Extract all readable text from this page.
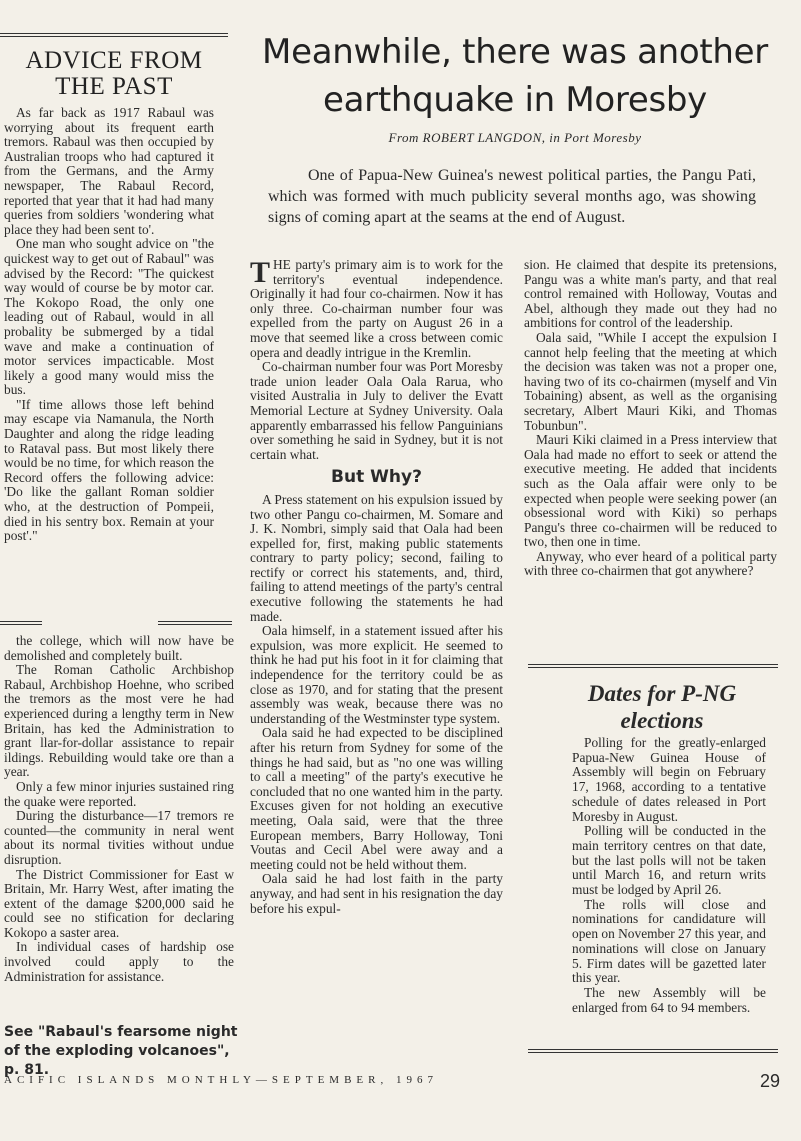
ADVICE FROM THE PAST

As far back as 1917 Rabaul was worrying about its frequent earth tremors. Rabaul was then occupied by Australian troops who had captured it from the Germans, and the Army newspaper, The Rabaul Record, reported that year that it had had many queries from soldiers 'wondering what place they had been sent to'.

One man who sought advice on "the quickest way to get out of Rabaul" was advised by the Record: "The quickest way would of course be by motor car. The Kokopo Road, the only one leading out of Rabaul, would in all probality be submerged by a tidal wave and make a continuation of motor services impacticable. Most likely a good many would miss the bus.

"If time allows those left behind may escape via Namanula, the North Daughter and along the ridge leading to Rataval pass. But most likely there would be no time, for which reason the Record offers the following advice: 'Do like the gallant Roman soldier who, at the destruction of Pompeii, died in his sentry box. Remain at your post'."

the college, which will now have be demolished and completely built.

The Roman Catholic Archbishop Rabaul, Archbishop Hoehne, who scribed the tremors as the most vere he had experienced during a lengthy term in New Britain, has ked the Administration to grant llar-for-dollar assistance to repair ildings. Rebuilding would take ore than a year.

Only a few minor injuries sustained ring the quake were reported.

During the disturbance—17 tremors re counted—the community in neral went about its normal tivities without undue disruption.

The District Commissioner for East w Britain, Mr. Harry West, after imating the extent of the damage $200,000 said he could see no stification for declaring Kokopo a saster area.

In individual cases of hardship ose involved could apply to the Administration for assistance.

See "Rabaul's fearsome night of the exploding volcanoes", p. 81.
Meanwhile, there was another earthquake in Moresby
From ROBERT LANGDON, in Port Moresby
One of Papua-New Guinea's newest political parties, the Pangu Pati, which was formed with much publicity several months ago, was showing signs of coming apart at the seams at the end of August.

THE party's primary aim is to work for the territory's eventual independence. Originally it had four co-chairmen. Now it has only three. Co-chairman number four was expelled from the party on August 26 in a move that seemed like a cross between comic opera and deadly intrigue in the Kremlin.

Co-chairman number four was Port Moresby trade union leader Oala Oala Rarua, who visited Australia in July to deliver the Evatt Memorial Lecture at Sydney University. Oala apparently embarrassed his fellow Panguinians over something he said in Sydney, but it is not certain what.

But Why?

A Press statement on his expulsion issued by two other Pangu co-chairmen, M. Somare and J. K. Nombri, simply said that Oala had been expelled for, first, making public statements contrary to party policy; second, failing to rectify or correct his statements, and, third, failing to attend meetings of the party's central executive following the statements he had made.

Oala himself, in a statement issued after his expulsion, was more explicit. He seemed to think he had put his foot in it for claiming that independence for the territory could be as close as 1970, and for stating that the present assembly was weak, because there was no understanding of the Westminster type system.

Oala said he had expected to be disciplined after his return from Sydney for some of the things he had said, but as "no one was willing to call a meeting" of the party's executive he concluded that no one wanted him in the party. Excuses given for not holding an executive meeting, Oala said, were that the three European members, Barry Holloway, Toni Voutas and Cecil Abel were away and a meeting could not be held without them.

Oala said he had lost faith in the party anyway, and had sent in his resignation the day before his expul-

sion. He claimed that despite its pretensions, Pangu was a white man's party, and that real control remained with Holloway, Voutas and Abel, although they made out they had no ambitions for control of the leadership.

Oala said, "While I accept the expulsion I cannot help feeling that the meeting at which the decision was taken was not a proper one, having two of its co-chairmen (myself and Vin Tobaining) absent, as well as the organising secretary, Albert Mauri Kiki, and Thomas Tobunbun".

Mauri Kiki claimed in a Press interview that Oala had made no effort to seek or attend the executive meeting. He added that incidents such as the Oala affair were only to be expected when people were seeking power (an obsessional word with Kiki) so perhaps Pangu's three co-chairmen will be reduced to two, then one in time.

Anyway, who ever heard of a political party with three co-chairmen that got anywhere?

Dates for P-NG elections

Polling for the greatly-enlarged Papua-New Guinea House of Assembly will begin on February 17, 1968, according to a tentative schedule of dates released in Port Moresby in August.

Polling will be conducted in the main territory centres on that date, but the last polls will not be taken until March 16, and return writs must be lodged by April 26.

The rolls will close and nominations for candidature will open on November 27 this year, and nominations will close on January 5. Firm dates will be gazetted later this year.

The new Assembly will be enlarged from 64 to 94 members.

ACIFIC ISLANDS MONTHLY—SEPTEMBER, 1967	29
